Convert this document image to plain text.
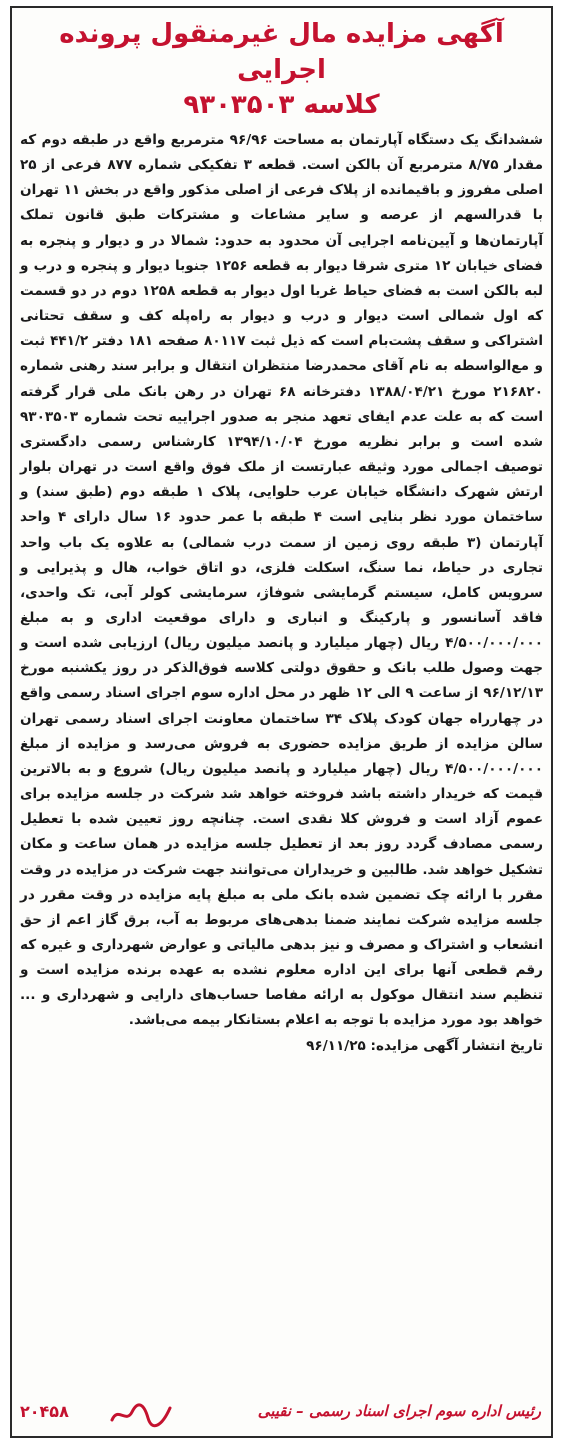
آگهی مزایده مال غیرمنقول پرونده اجرایی
کلاسه ۹۳۰۳۵۰۳
ششدانگ یک دستگاه آپارتمان به مساحت ۹۶/۹۶ مترمربع واقع در طبقه دوم که مقدار ۸/۷۵ مترمربع آن بالکن است. قطعه ۳ تفکیکی شماره ۸۷۷ فرعی از ۲۵ اصلی مفروز و باقیمانده از پلاک فرعی از اصلی مذکور واقع در بخش ۱۱ تهران با قدرالسهم از عرصه و سایر مشاعات و مشترکات طبق قانون تملک آپارتمان‌ها و آیین‌نامه اجرایی آن محدود به حدود: شمالا در و دیوار و پنجره به فضای خیابان ۱۲ متری شرقا دیوار به قطعه ۱۲۵۶ جنوبا دیوار و پنجره و درب و لبه بالکن است به فضای حیاط غربا اول دیوار به قطعه ۱۲۵۸ دوم در دو قسمت که اول شمالی است دیوار و درب و دیوار به راه‌پله کف و سقف تحتانی اشتراکی و سقف پشت‌بام است که ذیل ثبت ۸۰۱۱۷ صفحه ۱۸۱ دفتر ۴۴۱/۲ ثبت و مع‌الواسطه به نام آقای محمدرضا منتظران انتقال و برابر سند رهنی شماره ۲۱۶۸۲۰ مورخ ۱۳۸۸/۰۴/۲۱ دفترخانه ۶۸ تهران در رهن بانک ملی قرار گرفته است که به علت عدم ایفای تعهد منجر به صدور اجراییه تحت شماره ۹۳۰۳۵۰۳ شده است و برابر نظریه مورخ ۱۳۹۴/۱۰/۰۴ کارشناس رسمی دادگستری توصیف اجمالی مورد وثیقه عبارتست از ملک فوق واقع است در تهران بلوار ارتش شهرک دانشگاه خیابان عرب حلوایی، پلاک ۱ طبقه دوم (طبق سند) و ساختمان مورد نظر بنایی است ۴ طبقه با عمر حدود ۱۶ سال دارای ۴ واحد آپارتمان (۳ طبقه روی زمین از سمت درب شمالی) به علاوه یک باب واحد تجاری در حیاط، نما سنگ، اسکلت فلزی، دو اتاق خواب، هال و پذیرایی و سرویس کامل، سیستم گرمایشی شوفاژ، سرمایشی کولر آبی، تک واحدی، فاقد آسانسور و پارکینگ و انباری و دارای موقعیت اداری و به مبلغ ۴/۵۰۰/۰۰۰/۰۰۰ ریال (چهار میلیارد و پانصد میلیون ریال) ارزیابی شده است و جهت وصول طلب بانک و حقوق دولتی کلاسه فوق‌الذکر در روز یکشنبه مورخ ۹۶/۱۲/۱۳ از ساعت ۹ الی ۱۲ ظهر در محل اداره سوم اجرای اسناد رسمی واقع در چهارراه جهان کودک پلاک ۳۴ ساختمان معاونت اجرای اسناد رسمی تهران سالن مزایده از طریق مزایده حضوری به فروش می‌رسد و مزایده از مبلغ ۴/۵۰۰/۰۰۰/۰۰۰ ریال (چهار میلیارد و پانصد میلیون ریال) شروع و به بالاترین قیمت که خریدار داشته باشد فروخته خواهد شد شرکت در جلسه مزایده برای عموم آزاد است و فروش کلا نقدی است. چنانچه روز تعیین شده با تعطیل رسمی مصادف گردد روز بعد از تعطیل جلسه مزایده در همان ساعت و مکان تشکیل خواهد شد. طالبین و خریداران می‌توانند جهت شرکت در مزایده در وقت مقرر با ارائه چک تضمین شده بانک ملی به مبلغ پایه مزایده در وقت مقرر در جلسه مزایده شرکت نمایند ضمنا بدهی‌های مربوط به آب، برق گاز اعم از حق انشعاب و اشتراک و مصرف و نیز بدهی مالیاتی و عوارض شهرداری و غیره که رقم قطعی آنها برای این اداره معلوم نشده به عهده برنده مزایده است و تنظیم سند انتقال موکول به ارائه مفاصا حساب‌های دارایی و شهرداری و ... خواهد بود مورد مزایده با توجه به اعلام بستانکار بیمه می‌باشد.
تاریخ انتشار آگهی مزایده: ۹۶/۱۱/۲۵
رئیس اداره سوم اجرای اسناد رسمی – نقیبی
۲۰۴۵۸
